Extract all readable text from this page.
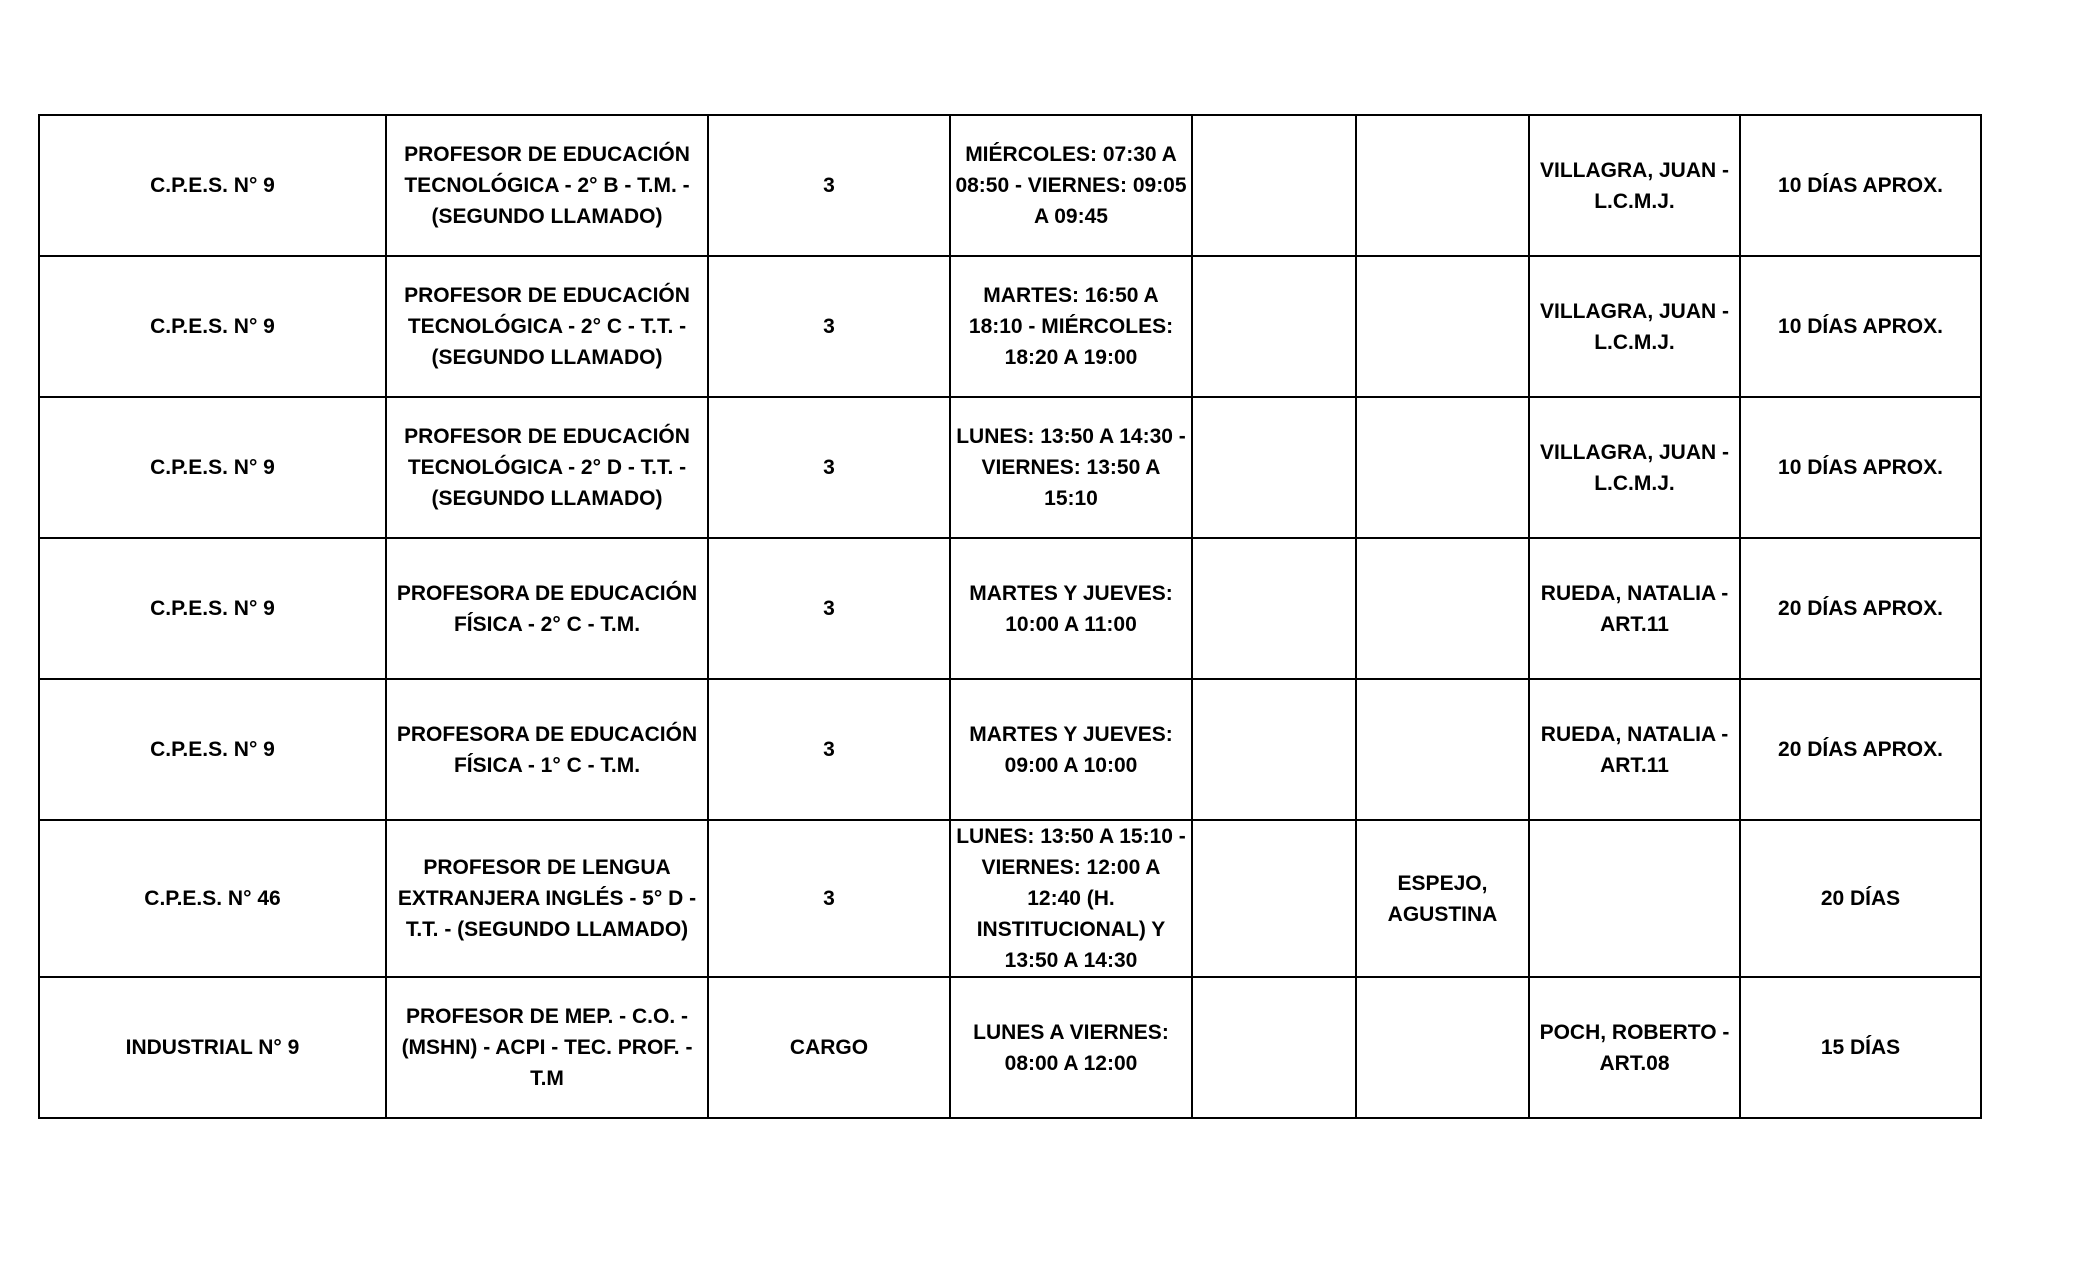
C.P.E.S. N° 9	PROFESOR DE EDUCACIÓN TECNOLÓGICA - 2° B - T.M. - (SEGUNDO LLAMADO)	3	MIÉRCOLES: 07:30 A 08:50 - VIERNES: 09:05 A 09:45			VILLAGRA, JUAN - L.C.M.J.	10 DÍAS APROX.
C.P.E.S. N° 9	PROFESOR DE EDUCACIÓN TECNOLÓGICA - 2° C - T.T. - (SEGUNDO LLAMADO)	3	MARTES: 16:50 A 18:10 - MIÉRCOLES: 18:20 A 19:00			VILLAGRA, JUAN - L.C.M.J.	10 DÍAS APROX.
C.P.E.S. N° 9	PROFESOR DE EDUCACIÓN TECNOLÓGICA - 2° D - T.T. - (SEGUNDO LLAMADO)	3	LUNES: 13:50 A 14:30 - VIERNES: 13:50 A 15:10			VILLAGRA, JUAN - L.C.M.J.	10 DÍAS APROX.
C.P.E.S. N° 9	PROFESORA DE EDUCACIÓN FÍSICA - 2° C - T.M.	3	MARTES Y JUEVES: 10:00 A 11:00			RUEDA, NATALIA - ART.11	20 DÍAS APROX.
C.P.E.S. N° 9	PROFESORA DE EDUCACIÓN FÍSICA - 1° C - T.M.	3	MARTES Y JUEVES: 09:00 A 10:00			RUEDA, NATALIA - ART.11	20 DÍAS APROX.
C.P.E.S. N° 46	PROFESOR DE LENGUA EXTRANJERA INGLÉS - 5° D - T.T. - (SEGUNDO LLAMADO)	3	LUNES: 13:50 A 15:10 - VIERNES: 12:00 A 12:40 (H. INSTITUCIONAL) Y 13:50 A 14:30		ESPEJO, AGUSTINA		20 DÍAS
INDUSTRIAL N° 9	PROFESOR DE MEP. - C.O. - (MSHN) - ACPI - TEC. PROF. - T.M	CARGO	LUNES A VIERNES: 08:00 A 12:00			POCH, ROBERTO - ART.08	15 DÍAS
